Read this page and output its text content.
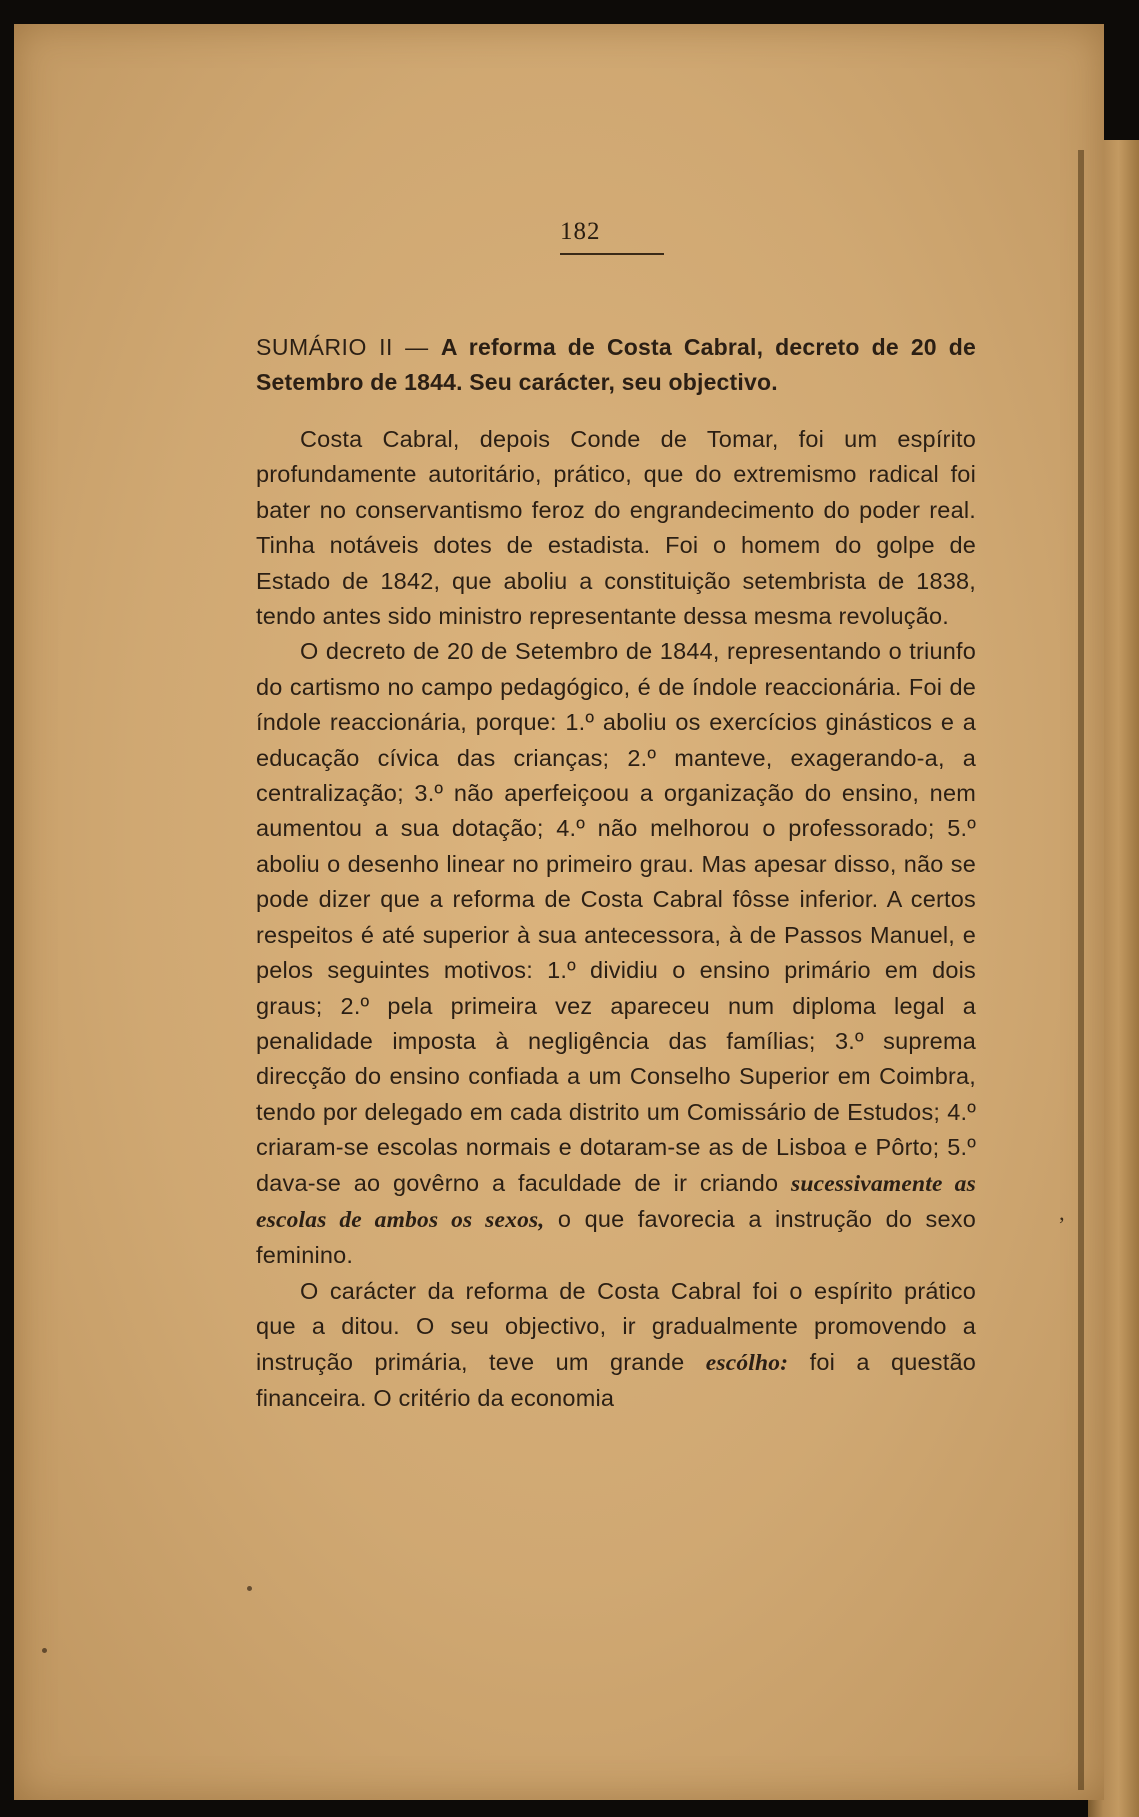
182

SUMÁRIO II — A reforma de Costa Cabral, decreto de 20 de Setembro de 1844. Seu carácter, seu objectivo.

Costa Cabral, depois Conde de Tomar, foi um espírito profundamente autoritário, prático, que do extremismo radical foi bater no conservantismo feroz do engrandecimento do poder real. Tinha notáveis dotes de estadista. Foi o homem do golpe de Estado de 1842, que aboliu a constituição setembrista de 1838, tendo antes sido ministro representante dessa mesma revolução.

O decreto de 20 de Setembro de 1844, representando o triunfo do cartismo no campo pedagógico, é de índole reaccionária. Foi de índole reaccionária, porque: 1.º aboliu os exercícios ginásticos e a educação cívica das crianças; 2.º manteve, exagerando-a, a centralização; 3.º não aperfeiçoou a organização do ensino, nem aumentou a sua dotação; 4.º não melhorou o professorado; 5.º aboliu o desenho linear no primeiro grau. Mas apesar disso, não se pode dizer que a reforma de Costa Cabral fôsse inferior. A certos respeitos é até superior à sua antecessora, à de Passos Manuel, e pelos seguintes motivos: 1.º dividiu o ensino primário em dois graus; 2.º pela primeira vez apareceu num diploma legal a penalidade imposta à negligência das famílias; 3.º suprema direcção do ensino confiada a um Conselho Superior em Coimbra, tendo por delegado em cada distrito um Comissário de Estudos; 4.º criaram-se escolas normais e dotaram-se as de Lisboa e Pôrto; 5.º dava-se ao govêrno a faculdade de ir criando sucessivamente as escolas de ambos os sexos, o que favorecia a instrução do sexo feminino.

O carácter da reforma de Costa Cabral foi o espírito prático que a ditou. O seu objectivo, ir gradualmente promovendo a instrução primária, teve um grande escólho: foi a questão financeira. O critério da economia

’
